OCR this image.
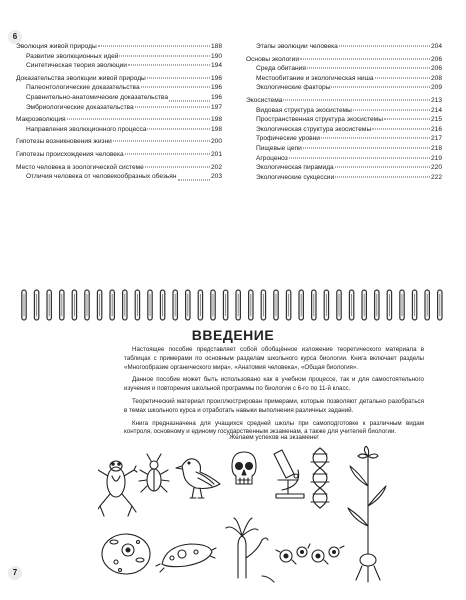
6
Эволюция живой природы	188
Развитие эволюционных идей	190
Синтетическая теория эволюции	194
Доказательства эволюции живой природы	196
Палеонтологические доказательства	196
Сравнительно-анатомические доказательства	196
Эмбриологические доказательства	197
Макроэволюция	198
Направления эволюционного процесса	198
Гипотезы возникновения жизни	200
Гипотезы происхождения человека	201
Место человека в зоологической системе	202
Отличия человека от человекообразных обезьян	203
Этапы эволюции человека	204
Основы экологии	206
Среда обитания	206
Местообитание и экологическая ниша	208
Экологические факторы	209
Экосистема	213
Видовая структура экосистемы	214
Пространственная структура экосистемы	215
Экологическая структура экосистемы	216
Трофические уровни	217
Пищевые цепи	218
Агроценоз	219
Экологическая пирамида	220
Экологические сукцессии	222
ВВЕДЕНИЕ

Настоящее пособие представляет собой обобщённое изложение теоретического материала в таблицах с примерами по основным разделам школьного курса биологии. Книга включает разделы «Многообразие органического мира», «Анатомия человека», «Общая биология».

Данное пособие может быть использовано как в учебном процессе, так и для самостоятельного изучения и повторения школьной программы по биологии с 6-го по 11-й класс.

Теоретический материал проиллюстрирован примерами, которые позволяют детально разобраться в темах школьного курса и отработать навыки выполнения различных заданий.

Книга предназначена для учащихся средней школы при самоподготовке к различным видам контроля, основному и единому государственным экзаменам, а также для учителей биологии.

Желаем успехов на экзамене!
7
